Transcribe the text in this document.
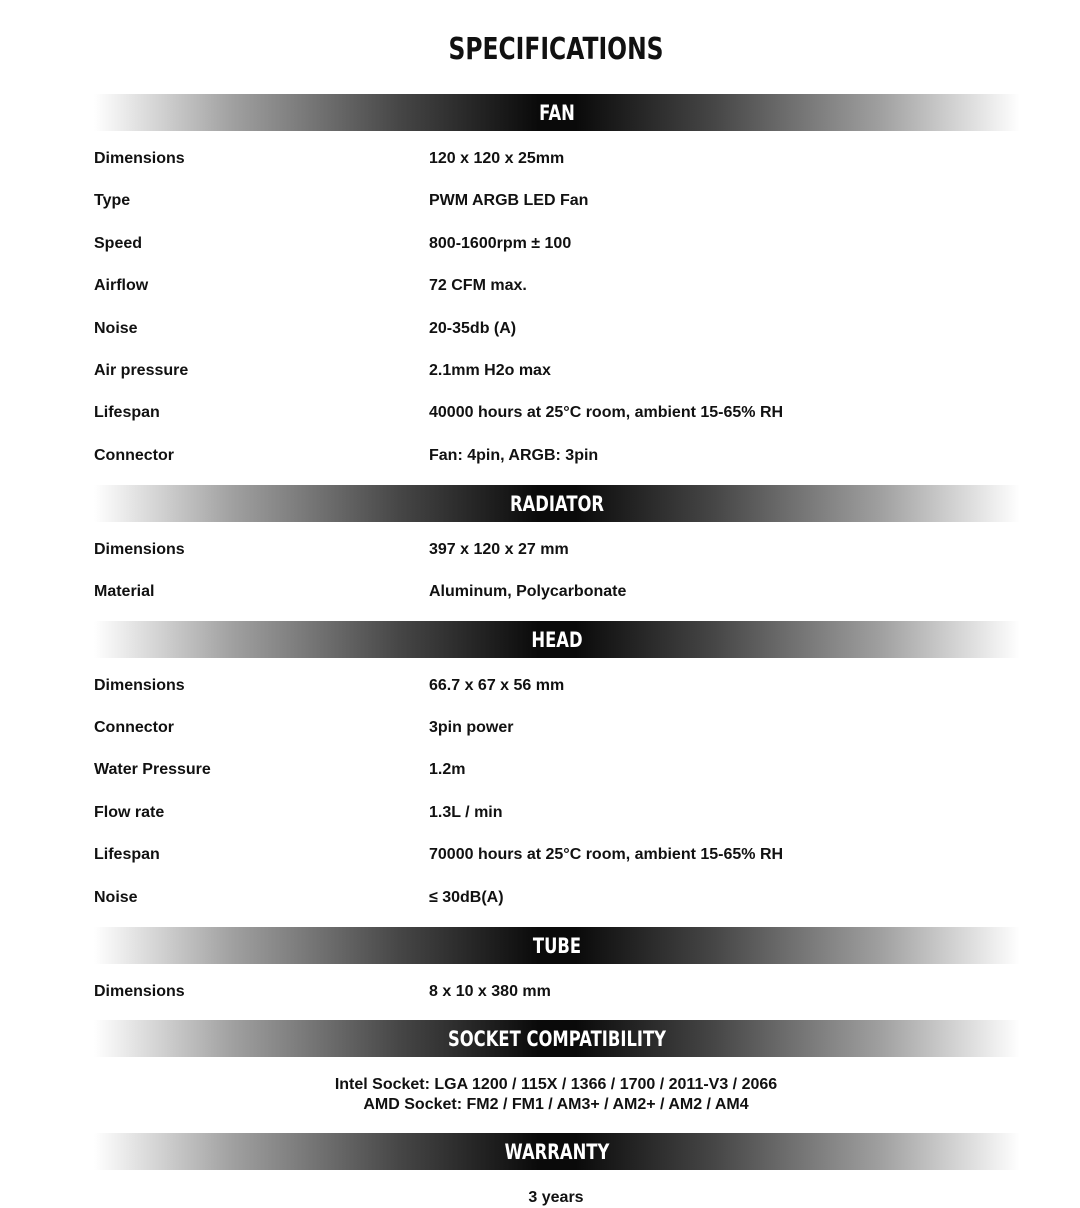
SPECIFICATIONS
FAN
Dimensions	120 x 120 x 25mm
Type	PWM ARGB LED Fan
Speed	800-1600rpm ± 100
Airflow	72 CFM max.
Noise	20-35db (A)
Air pressure	2.1mm H2o max
Lifespan	40000 hours at 25°C room, ambient 15-65% RH
Connector	Fan: 4pin, ARGB: 3pin
RADIATOR
Dimensions	397 x 120 x 27 mm
Material	Aluminum, Polycarbonate
HEAD
Dimensions	66.7 x 67 x 56 mm
Connector	3pin power
Water Pressure	1.2m
Flow rate	1.3L / min
Lifespan	70000 hours at 25°C room, ambient 15-65% RH
Noise	≤ 30dB(A)
TUBE
Dimensions	8 x 10 x 380 mm
SOCKET COMPATIBILITY
Intel Socket: LGA 1200 / 115X / 1366 / 1700 / 2011-V3 / 2066
AMD Socket: FM2 / FM1 / AM3+ / AM2+ / AM2 / AM4
WARRANTY
3 years
